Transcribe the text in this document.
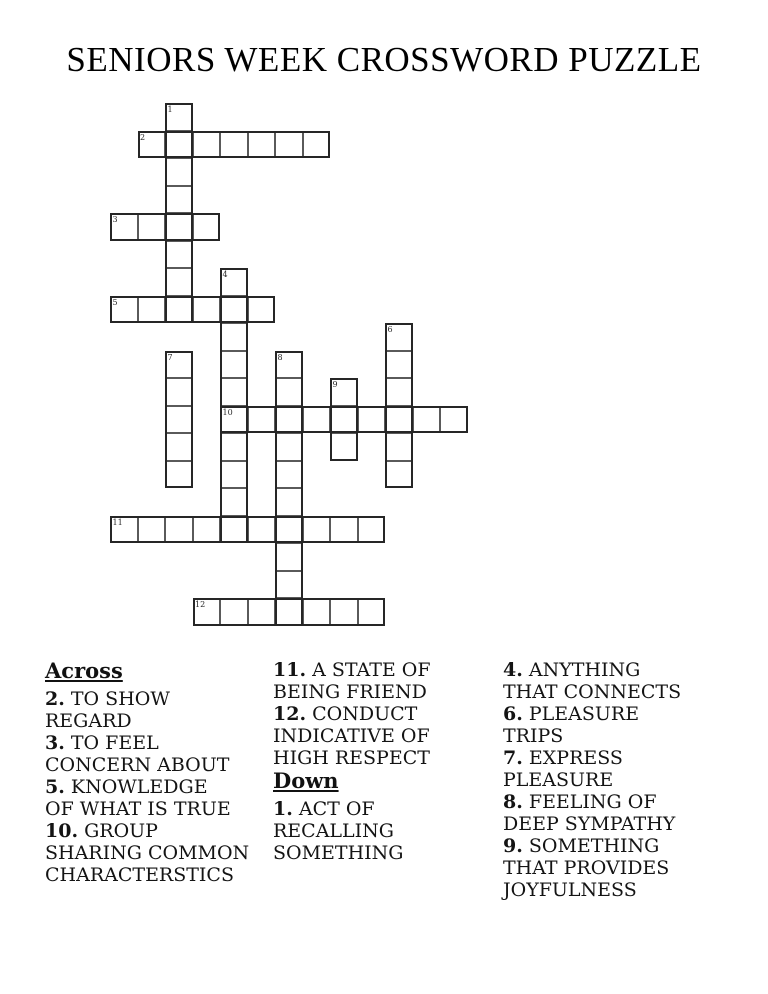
SENIORS WEEK CROSSWORD PUZZLE
1
2
3
4
5
6
7	8
9
10
11
12
Across
2. TO SHOW
REGARD
3. TO FEEL
CONCERN ABOUT
5. KNOWLEDGE
OF WHAT IS TRUE
10. GROUP
SHARING COMMON
CHARACTERSTICS
11. A STATE OF
BEING FRIEND
12. CONDUCT
INDICATIVE OF
HIGH RESPECT
Down
1. ACT OF
RECALLING
SOMETHING
4. ANYTHING
THAT CONNECTS
6. PLEASURE
TRIPS
7. EXPRESS
PLEASURE
8. FEELING OF
DEEP SYMPATHY
9. SOMETHING
THAT PROVIDES
JOYFULNESS
